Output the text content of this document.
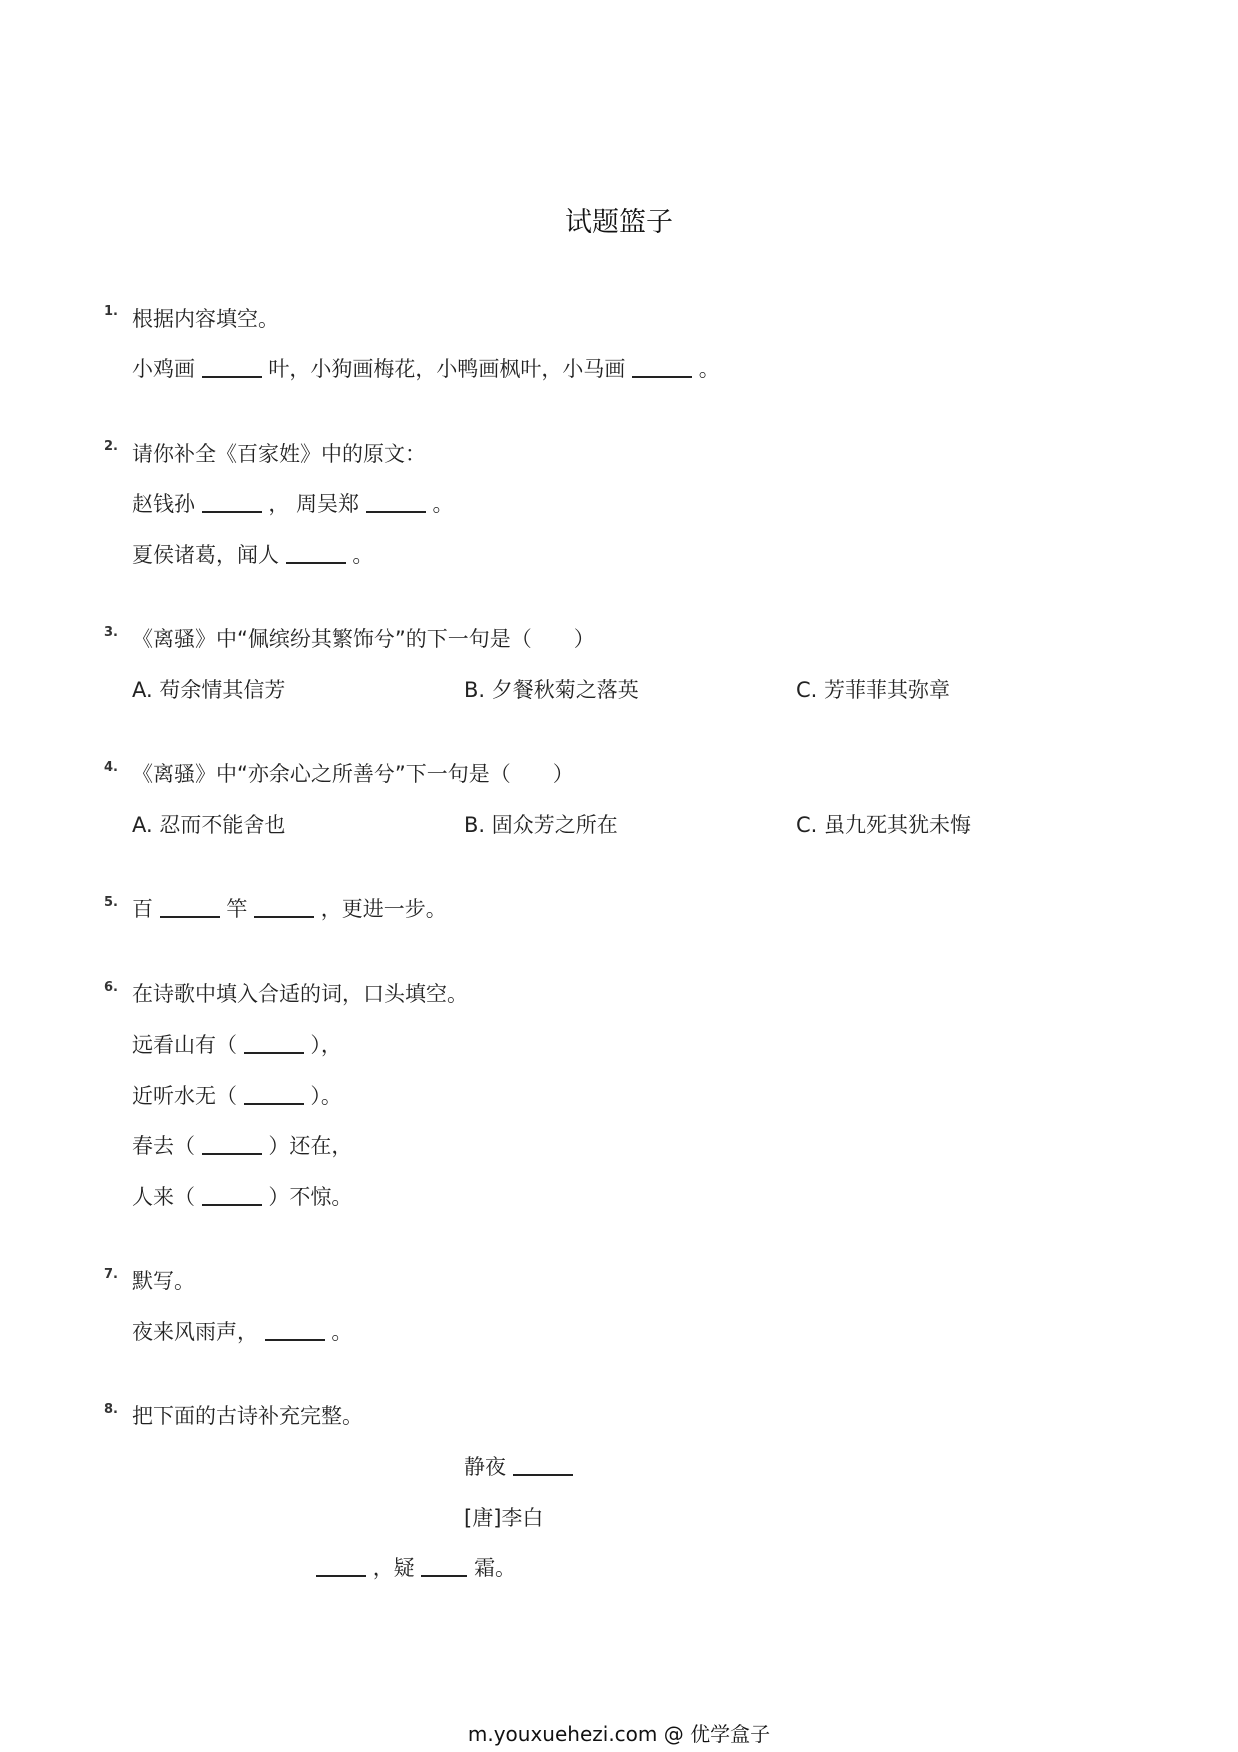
试题篮子
1. 根据内容填空。
小鸡画	叶，小狗画梅花，小鸭画枫叶，小马画	。
2. 请你补全《百家姓》中的原文：
赵钱孙	， 周吴郑	。
夏侯诸葛，闻人	。
3. 《离骚》中“佩缤纷其繁饰兮”的下一句是（　　）
A. 苟余情其信芳	B. 夕餐秋菊之落英	C. 芳菲菲其弥章
4. 《离骚》中“亦余心之所善兮”下一句是（　　）
A. 忍而不能舍也	B. 固众芳之所在	C. 虽九死其犹未悔
5. 百	竿	，更进一步。
6. 在诗歌中填入合适的词，口头填空。
远看山有（	），
近听水无（	）。
春去（	）还在，
人来（	）不惊。
7. 默写。
夜来风雨声，	。
8. 把下面的古诗补充完整。
静夜
[唐]李白
，疑	霜。
m.youxuehezi.com @ 优学盒子
